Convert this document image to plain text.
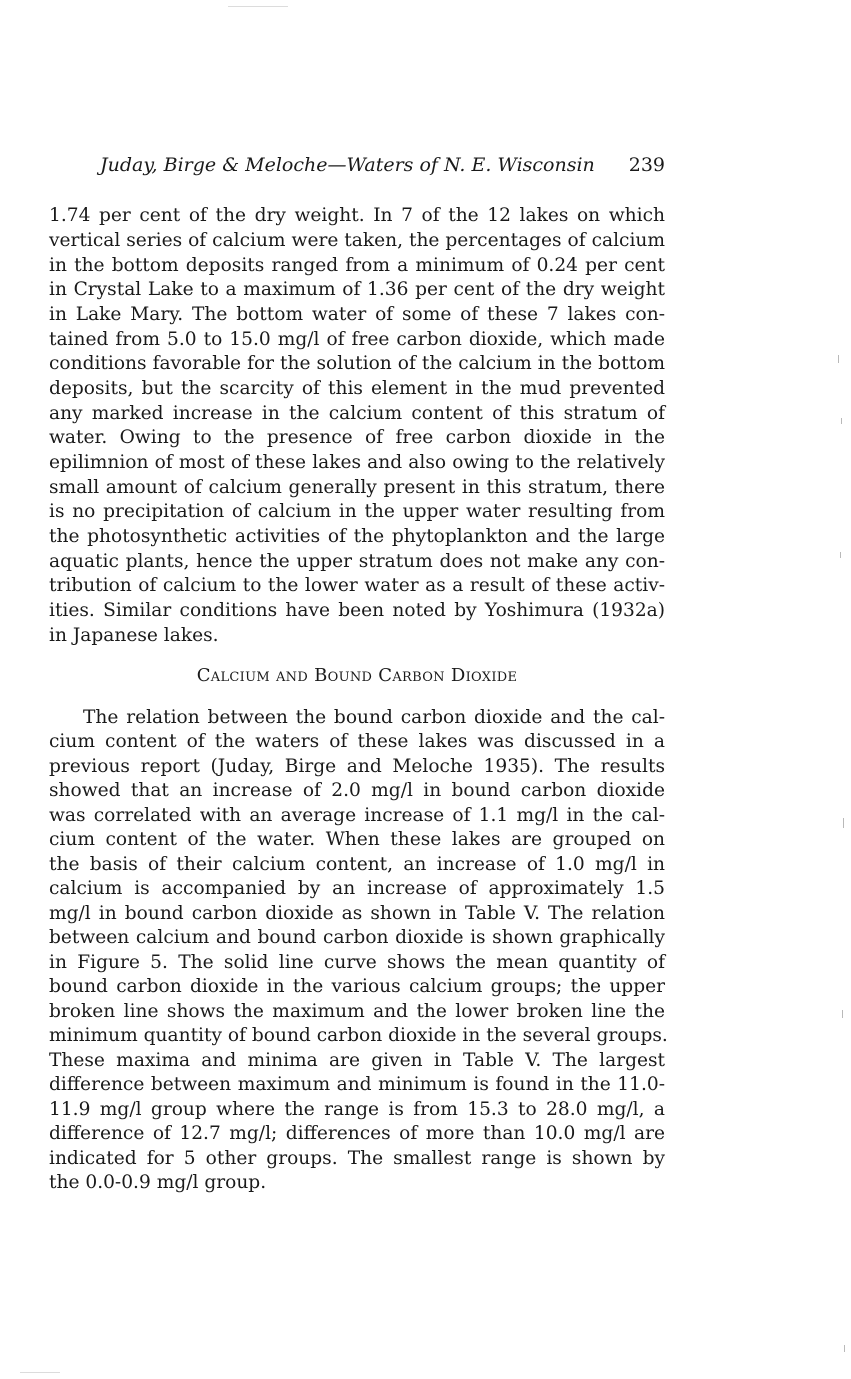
Juday, Birge & Meloche—Waters of N. E. Wisconsin 239
1.74 per cent of the dry weight. In 7 of the 12 lakes on which
vertical series of calcium were taken, the percentages of calcium
in the bottom deposits ranged from a minimum of 0.24 per cent
in Crystal Lake to a maximum of 1.36 per cent of the dry weight
in Lake Mary. The bottom water of some of these 7 lakes con-
tained from 5.0 to 15.0 mg/l of free carbon dioxide, which made
conditions favorable for the solution of the calcium in the bottom
deposits, but the scarcity of this element in the mud prevented
any marked increase in the calcium content of this stratum of
water. Owing to the presence of free carbon dioxide in the
epilimnion of most of these lakes and also owing to the relatively
small amount of calcium generally present in this stratum, there
is no precipitation of calcium in the upper water resulting from
the photosynthetic activities of the phytoplankton and the large
aquatic plants, hence the upper stratum does not make any con-
tribution of calcium to the lower water as a result of these activ-
ities. Similar conditions have been noted by Yoshimura (1932a)
in Japanese lakes.
Calcium and Bound Carbon Dioxide
The relation between the bound carbon dioxide and the cal-
cium content of the waters of these lakes was discussed in a
previous report (Juday, Birge and Meloche 1935). The results
showed that an increase of 2.0 mg/l in bound carbon dioxide
was correlated with an average increase of 1.1 mg/l in the cal-
cium content of the water. When these lakes are grouped on
the basis of their calcium content, an increase of 1.0 mg/l in
calcium is accompanied by an increase of approximately 1.5
mg/l in bound carbon dioxide as shown in Table V. The relation
between calcium and bound carbon dioxide is shown graphically
in Figure 5. The solid line curve shows the mean quantity of
bound carbon dioxide in the various calcium groups; the upper
broken line shows the maximum and the lower broken line the
minimum quantity of bound carbon dioxide in the several groups.
These maxima and minima are given in Table V. The largest
difference between maximum and minimum is found in the 11.0-
11.9 mg/l group where the range is from 15.3 to 28.0 mg/l, a
difference of 12.7 mg/l; differences of more than 10.0 mg/l are
indicated for 5 other groups. The smallest range is shown by
the 0.0-0.9 mg/l group.
